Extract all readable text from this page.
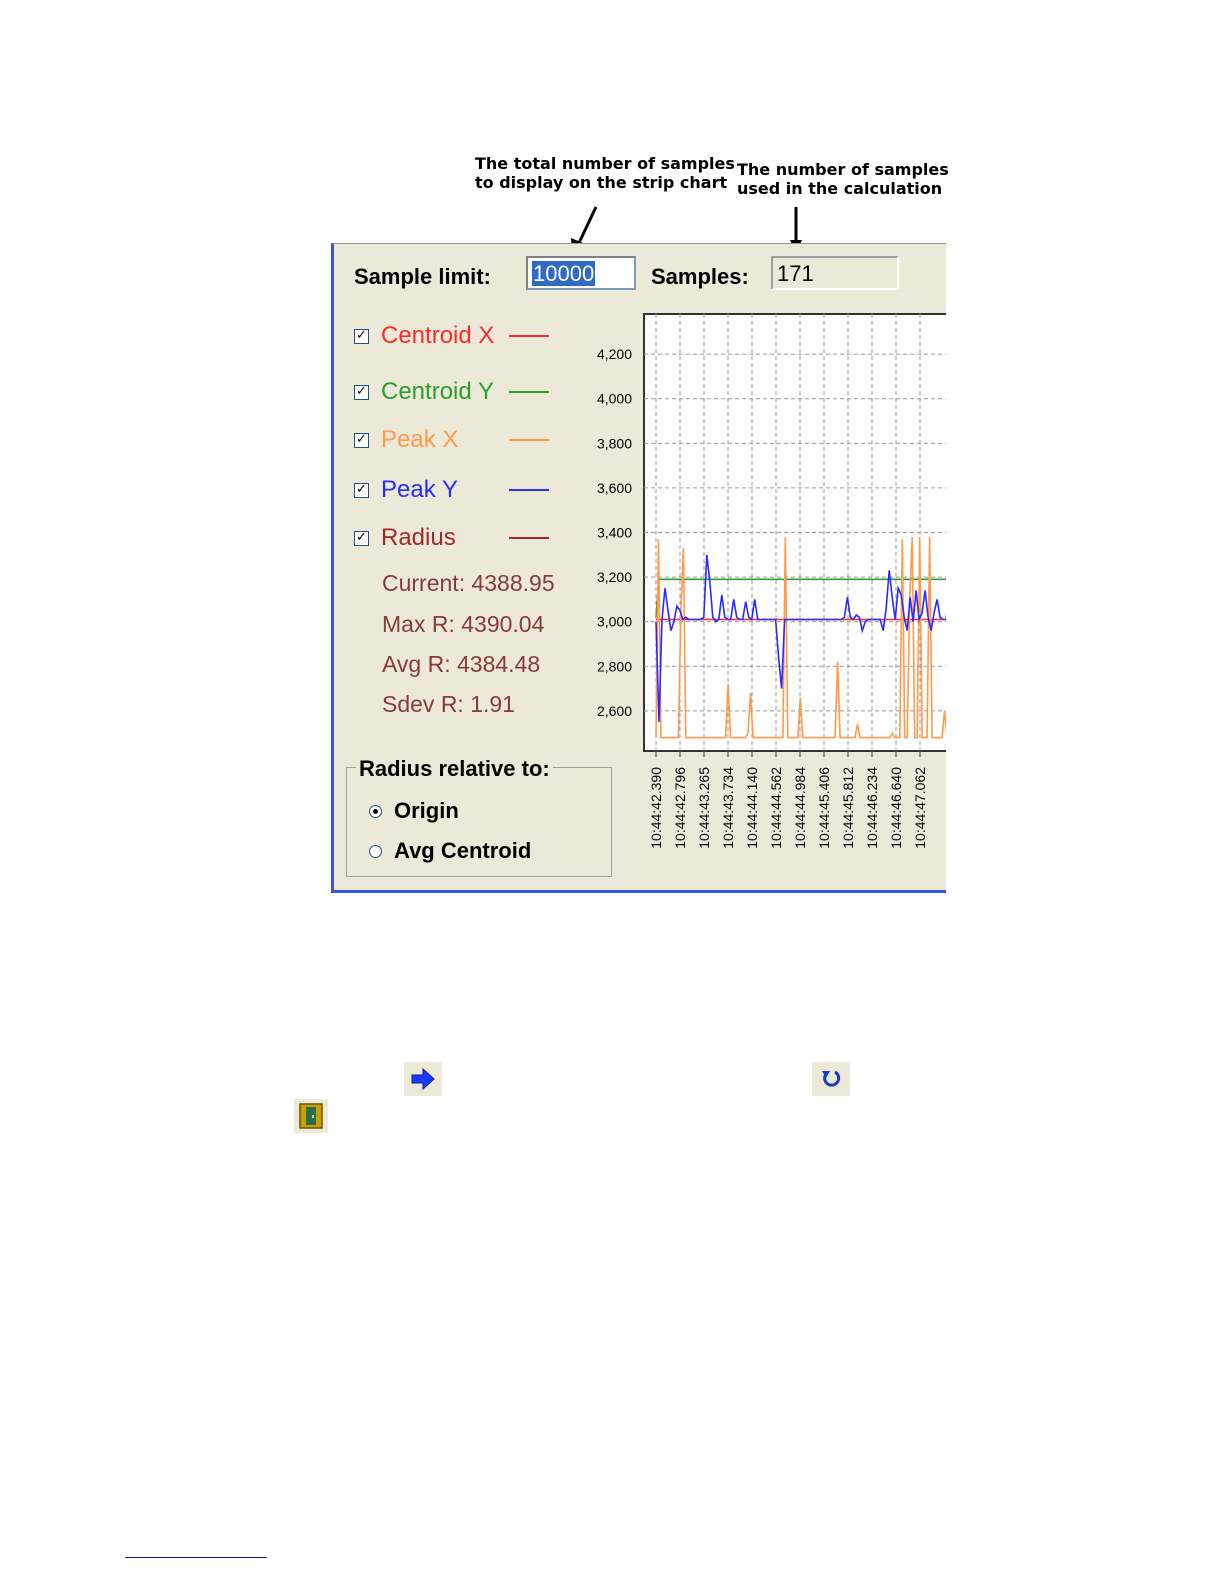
The total number of samples
to display on the strip chart
The number of samples
used in the calculation
Sample limit:	10000	Samples: 171
✓ Centroid X
✓ Centroid Y
✓ Peak X
✓ Peak Y
✓ Radius
Current: 4388.95
Max R: 4390.04
Avg R: 4384.48
Sdev R: 1.91
Radius relative to:
Origin
Avg Centroid
4,200
4,000
3,800
3,600
3,400
3,200
3,000
2,800
2,600
10:44:42.390 10:44:42.796 10:44:43.265 10:44:43.734 10:44:44.140 10:44:44.562 10:44:44.984 10:44:45.406 10:44:45.812 10:44:46.234 10:44:46.640 10:44:47.062
